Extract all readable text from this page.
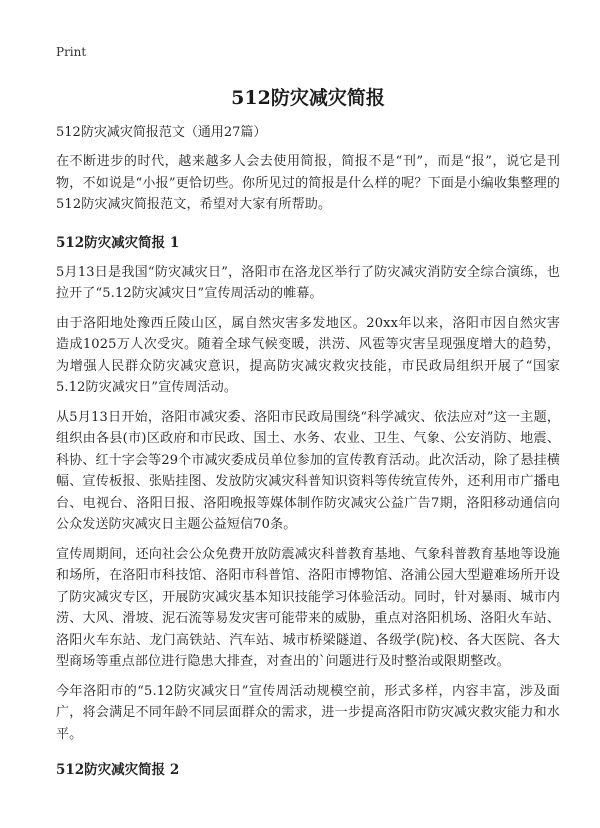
Print
512防灾减灾简报
512防灾减灾简报范文（通用27篇）

在不断进步的时代，越来越多人会去使用简报，简报不是“刊”，而是“报”，说它是刊物，不如说是“小报”更恰切些。你所见过的简报是什么样的呢？下面是小编收集整理的512防灾减灾简报范文，希望对大家有所帮助。

512防灾减灾简报 1

5月13日是我国“防灾减灾日”，洛阳市在洛龙区举行了防灾减灾消防安全综合演练，也拉开了“5.12防灾减灾日”宣传周活动的帷幕。

由于洛阳地处豫西丘陵山区，属自然灾害多发地区。20xx年以来，洛阳市因自然灾害造成1025万人次受灾。随着全球气候变暖，洪涝、风雹等灾害呈现强度增大的趋势，为增强人民群众防灾减灾意识，提高防灾减灾救灾技能，市民政局组织开展了“国家5.12防灾减灾日”宣传周活动。

从5月13日开始，洛阳市减灾委、洛阳市民政局围绕“科学减灾、依法应对”这一主题，组织由各县(市)区政府和市民政、国土、水务、农业、卫生、气象、公安消防、地震、科协、红十字会等29个市减灾委成员单位参加的宣传教育活动。此次活动，除了悬挂横幅、宣传板报、张贴挂图、发放防灾减灾科普知识资料等传统宣传外，还利用市广播电台、电视台、洛阳日报、洛阳晚报等媒体制作防灾减灾公益广告7期，洛阳移动通信向公众发送防灾减灾日主题公益短信70条。

宣传周期间，还向社会公众免费开放防震减灾科普教育基地、气象科普教育基地等设施和场所，在洛阳市科技馆、洛阳市科普馆、洛阳市博物馆、洛浦公园大型避难场所开设了防灾减灾专区，开展防灾减灾基本知识技能学习体验活动。同时，针对暴雨、城市内涝、大风、滑坡、泥石流等易发灾害可能带来的威胁，重点对洛阳机场、洛阳火车站、洛阳火车东站、龙门高铁站、汽车站、城市桥梁隧道、各级学(院)校、各大医院、各大型商场等重点部位进行隐患大排查，对查出的`问题进行及时整治或限期整改。

今年洛阳市的“5.12防灾减灾日”宣传周活动规模空前，形式多样，内容丰富，涉及面广，将会满足不同年龄不同层面群众的需求，进一步提高洛阳市防灾减灾救灾能力和水平。

512防灾减灾简报 2
